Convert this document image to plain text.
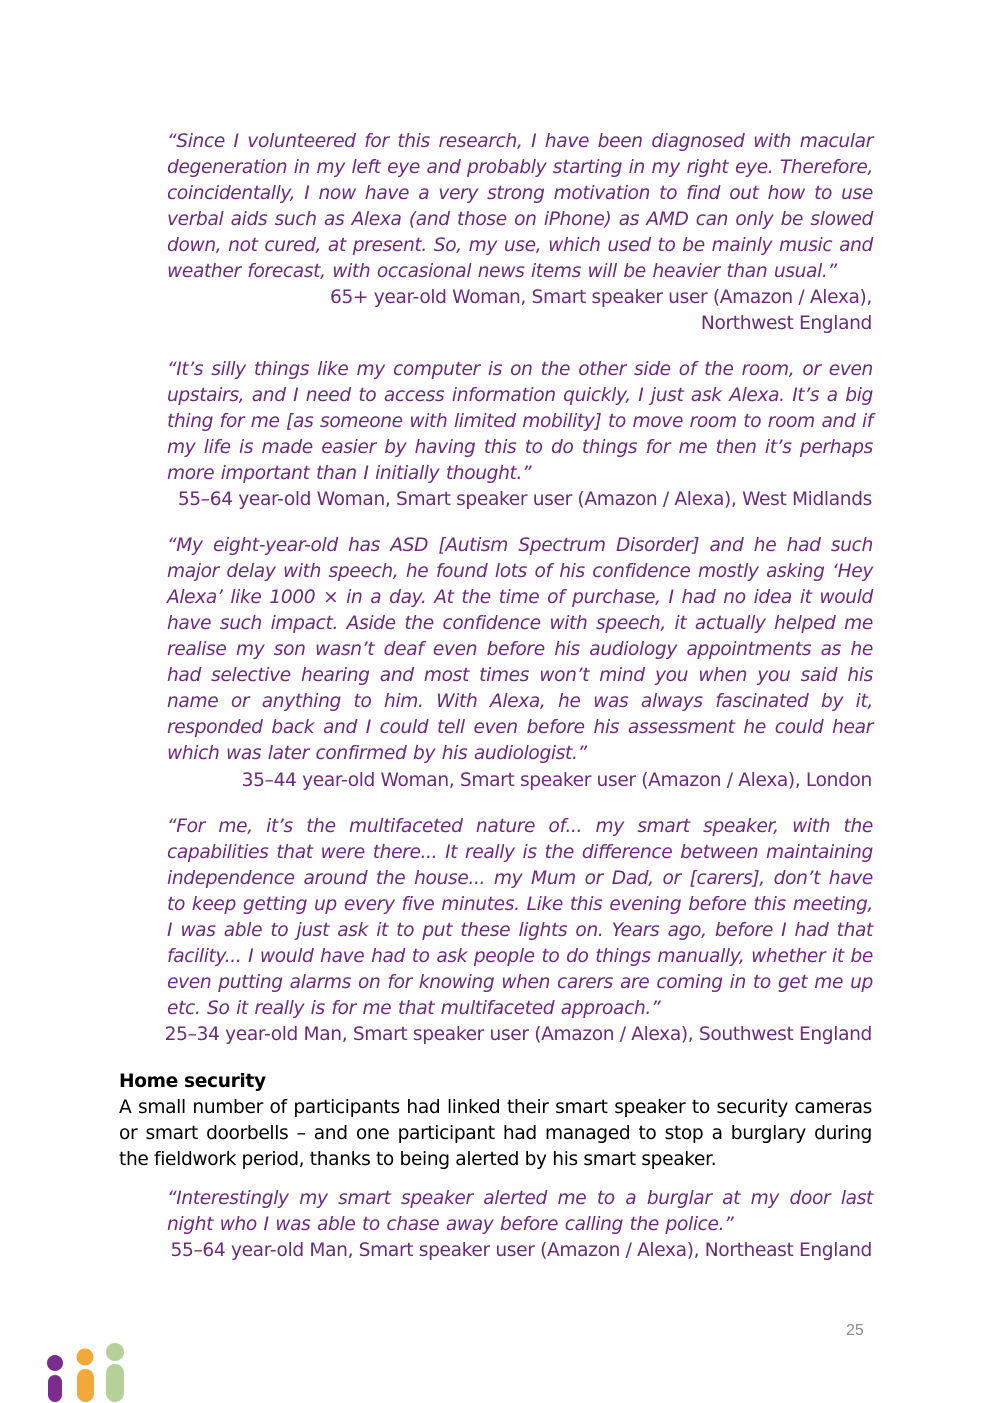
“Since I volunteered for this research, I have been diagnosed with macular degeneration in my left eye and probably starting in my right eye. Therefore, coincidentally, I now have a very strong motivation to find out how to use verbal aids such as Alexa (and those on iPhone) as AMD can only be slowed down, not cured, at present. So, my use, which used to be mainly music and weather forecast, with occasional news items will be heavier than usual.”

65+ year-old Woman, Smart speaker user (Amazon / Alexa), Northwest England

“It’s silly things like my computer is on the other side of the room, or even upstairs, and I need to access information quickly, I just ask Alexa. It’s a big thing for me [as someone with limited mobility] to move room to room and if my life is made easier by having this to do things for me then it’s perhaps more important than I initially thought.”

55–64 year-old Woman, Smart speaker user (Amazon / Alexa), West Midlands

“My eight-year-old has ASD [Autism Spectrum Disorder] and he had such major delay with speech, he found lots of his confidence mostly asking ‘Hey Alexa’ like 1000 × in a day. At the time of purchase, I had no idea it would have such impact. Aside the confidence with speech, it actually helped me realise my son wasn’t deaf even before his audiology appointments as he had selective hearing and most times won’t mind you when you said his name or anything to him. With Alexa, he was always fascinated by it, responded back and I could tell even before his assessment he could hear which was later confirmed by his audiologist.”

35–44 year-old Woman, Smart speaker user (Amazon / Alexa), London

“For me, it’s the multifaceted nature of... my smart speaker, with the capabilities that were there... It really is the difference between maintaining independence around the house... my Mum or Dad, or [carers], don’t have to keep getting up every five minutes. Like this evening before this meeting, I was able to just ask it to put these lights on. Years ago, before I had that facility... I would have had to ask people to do things manually, whether it be even putting alarms on for knowing when carers are coming in to get me up etc. So it really is for me that multifaceted approach.”

25–34 year-old Man, Smart speaker user (Amazon / Alexa), Southwest England

Home security

A small number of participants had linked their smart speaker to security cameras or smart doorbells – and one participant had managed to stop a burglary during the fieldwork period, thanks to being alerted by his smart speaker.

“Interestingly my smart speaker alerted me to a burglar at my door last night who I was able to chase away before calling the police.”

55–64 year-old Man, Smart speaker user (Amazon / Alexa), Northeast England

25
